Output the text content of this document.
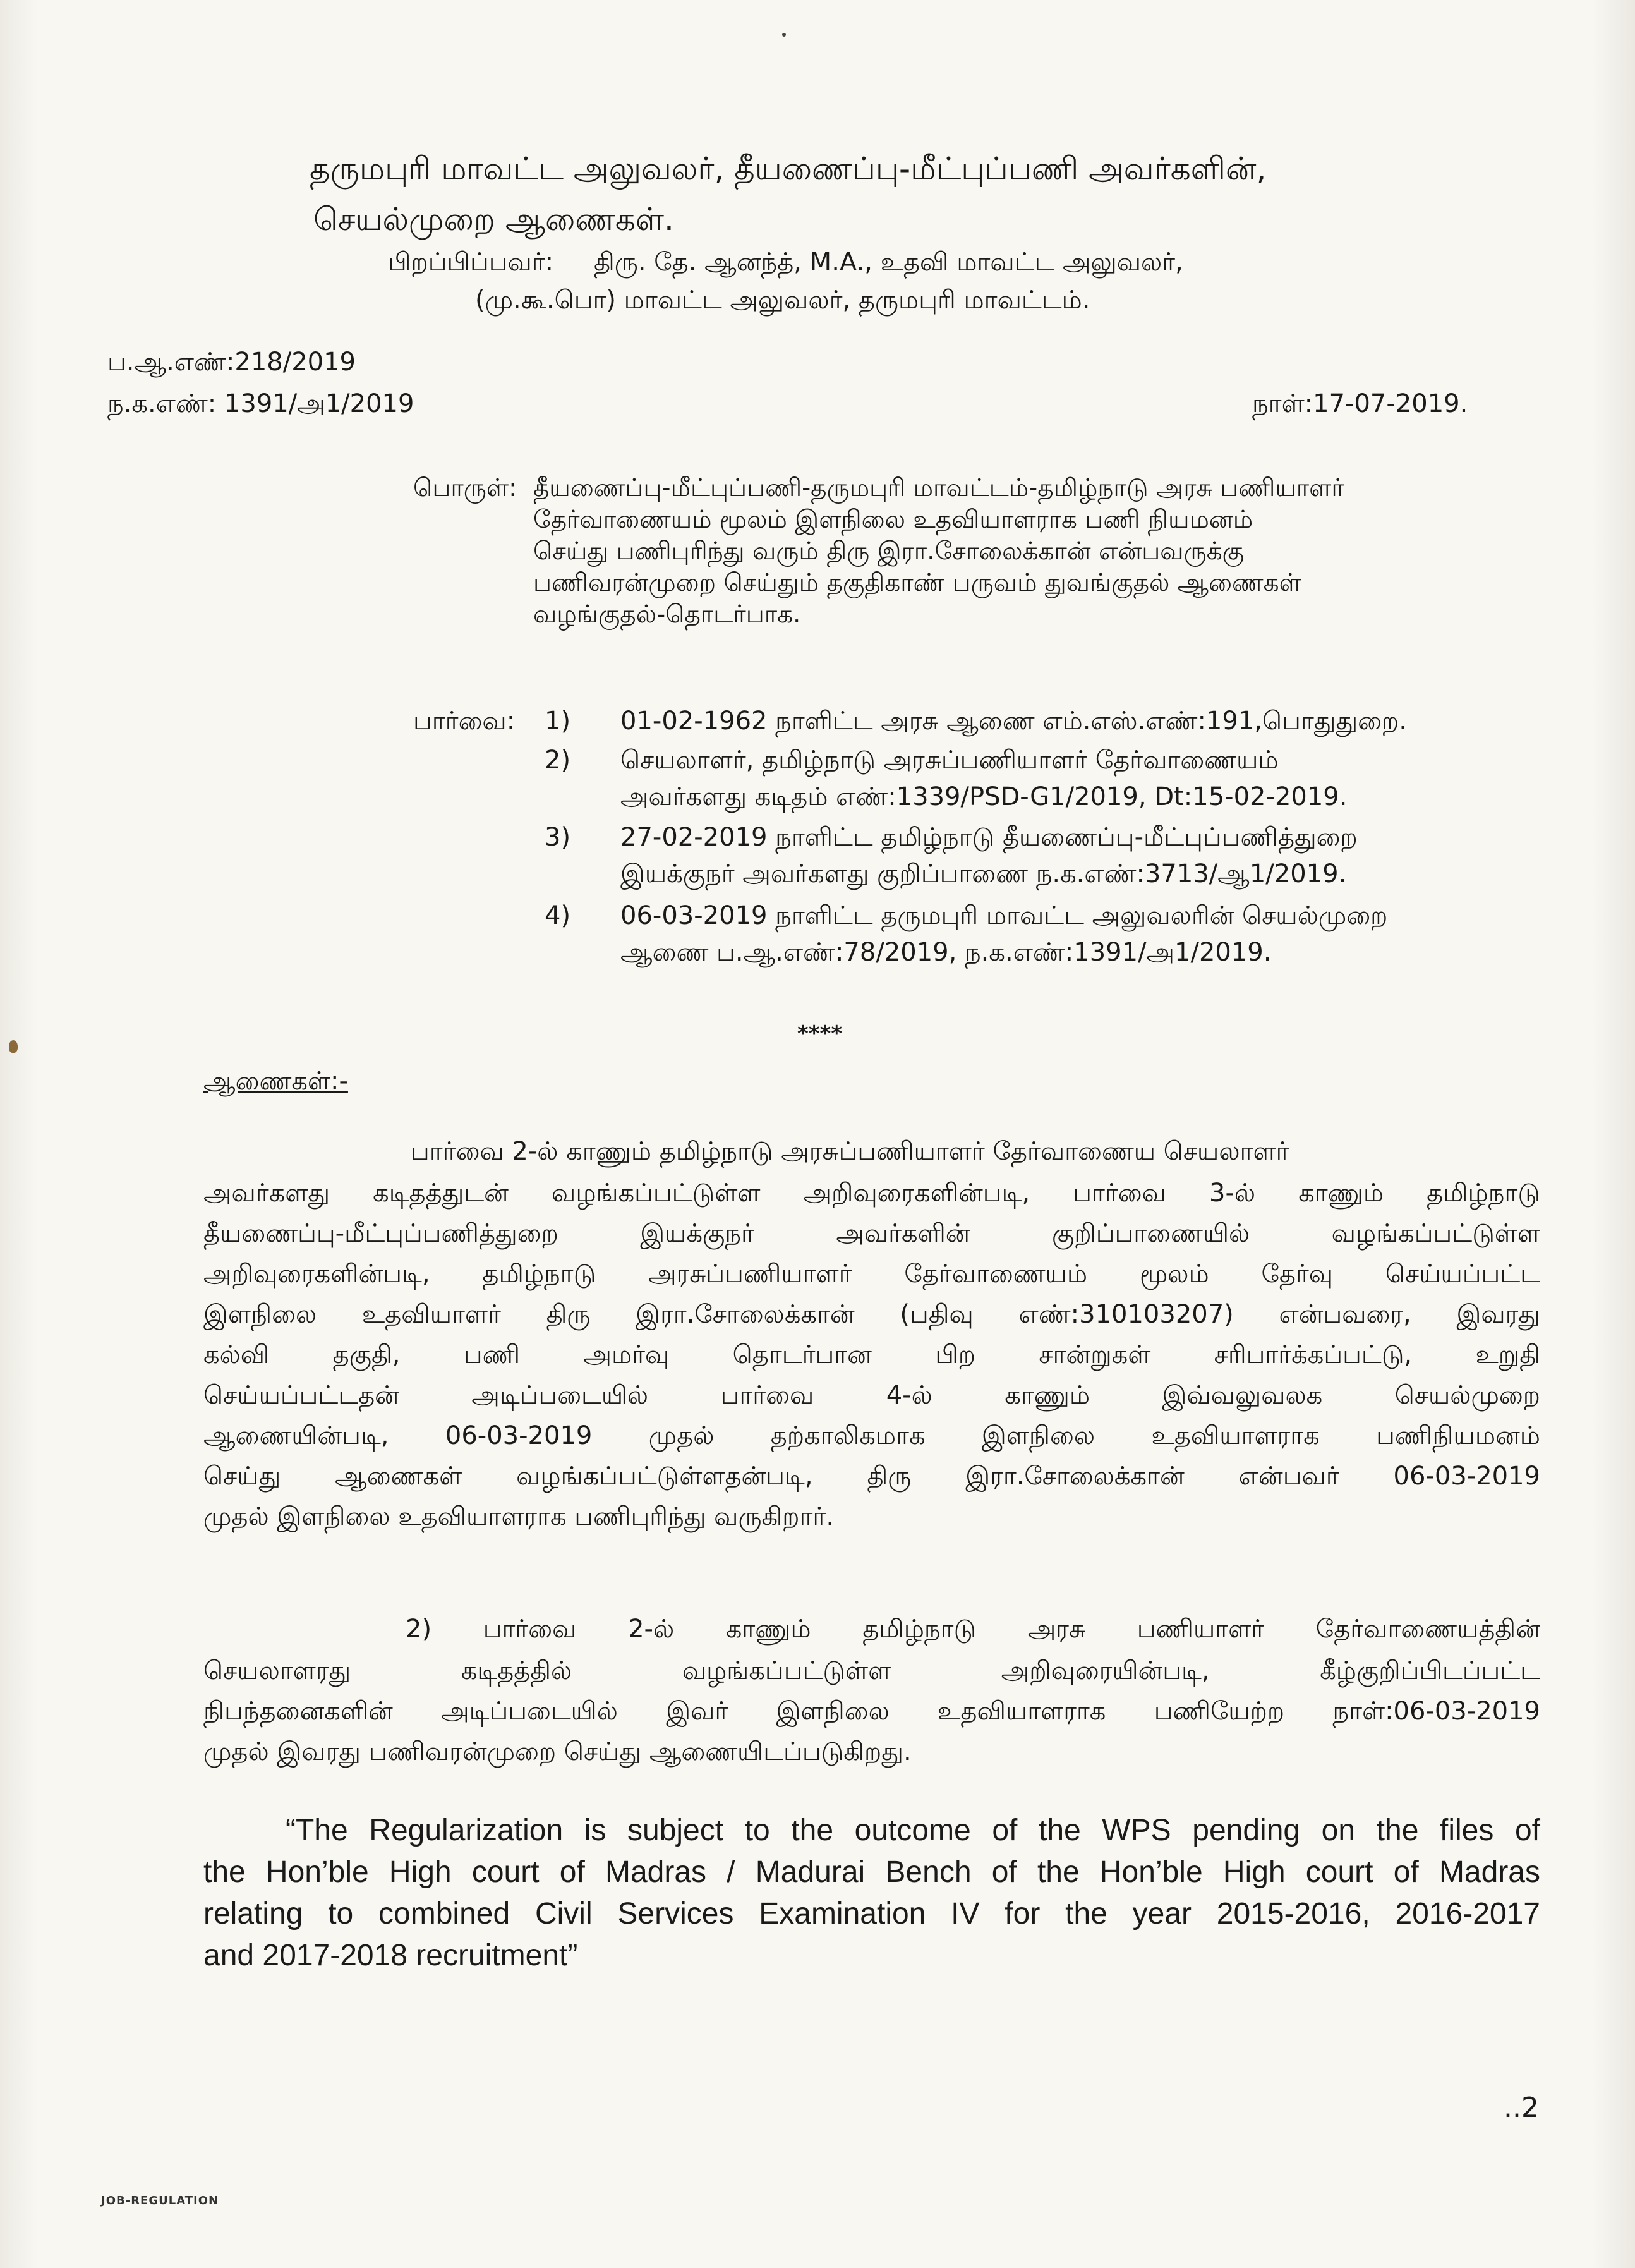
தருமபுரி மாவட்ட அலுவலர், தீயணைப்பு-மீட்புப்பணி அவர்களின்,
செயல்முறை ஆணைகள்.
பிறப்பிப்பவர்: திரு. தே. ஆனந்த், M.A., உதவி மாவட்ட அலுவலர்,
(மு.கூ.பொ) மாவட்ட அலுவலர், தருமபுரி மாவட்டம்.
ப.ஆ.எண்:218/2019
ந.க.எண்: 1391/அ1/2019	நாள்:17-07-2019.
பொருள்: தீயணைப்பு-மீட்புப்பணி-தருமபுரி மாவட்டம்-தமிழ்நாடு அரசு பணியாளர்
தேர்வாணையம் மூலம் இளநிலை உதவியாளராக பணி நியமனம்
செய்து பணிபுரிந்து வரும் திரு இரா.சோலைக்கான் என்பவருக்கு
பணிவரன்முறை செய்தும் தகுதிகாண் பருவம் துவங்குதல் ஆணைகள்
வழங்குதல்-தொடர்பாக.
பார்வை: 1) 01-02-1962 நாளிட்ட அரசு ஆணை எம்.எஸ்.எண்:191,பொதுதுறை.
2) செயலாளர், தமிழ்நாடு அரசுப்பணியாளர் தேர்வாணையம்
அவர்களது கடிதம் எண்:1339/PSD-G1/2019, Dt:15-02-2019.
3) 27-02-2019 நாளிட்ட தமிழ்நாடு தீயணைப்பு-மீட்புப்பணித்துறை
இயக்குநர் அவர்களது குறிப்பாணை ந.க.எண்:3713/ஆ1/2019.
4) 06-03-2019 நாளிட்ட தருமபுரி மாவட்ட அலுவலரின் செயல்முறை
ஆணை ப.ஆ.எண்:78/2019, ந.க.எண்:1391/அ1/2019.
****
ஆணைகள்:-
பார்வை 2-ல் காணும் தமிழ்நாடு அரசுப்பணியாளர் தேர்வாணைய செயலாளர்
அவர்களது கடிதத்துடன் வழங்கப்பட்டுள்ள அறிவுரைகளின்படி, பார்வை 3-ல் காணும் தமிழ்நாடு
தீயணைப்பு-மீட்புப்பணித்துறை இயக்குநர் அவர்களின் குறிப்பாணையில் வழங்கப்பட்டுள்ள
அறிவுரைகளின்படி, தமிழ்நாடு அரசுப்பணியாளர் தேர்வாணையம் மூலம் தேர்வு செய்யப்பட்ட
இளநிலை உதவியாளர் திரு இரா.சோலைக்கான் (பதிவு எண்:310103207) என்பவரை, இவரது
கல்வி தகுதி, பணி அமர்வு தொடர்பான பிற சான்றுகள் சரிபார்க்கப்பட்டு, உறுதி
செய்யப்பட்டதன் அடிப்படையில் பார்வை 4-ல் காணும் இவ்வலுவலக செயல்முறை
ஆணையின்படி, 06-03-2019 முதல் தற்காலிகமாக இளநிலை உதவியாளராக பணிநியமனம்
செய்து ஆணைகள் வழங்கப்பட்டுள்ளதன்படி, திரு இரா.சோலைக்கான் என்பவர் 06-03-2019
முதல் இளநிலை உதவியாளராக பணிபுரிந்து வருகிறார்.
2) பார்வை 2-ல் காணும் தமிழ்நாடு அரசு பணியாளர் தேர்வாணையத்தின்
செயலாளரது கடிதத்தில் வழங்கப்பட்டுள்ள அறிவுரையின்படி, கீழ்குறிப்பிடப்பட்ட
நிபந்தனைகளின் அடிப்படையில் இவர் இளநிலை உதவியாளராக பணியேற்ற நாள்:06-03-2019
முதல் இவரது பணிவரன்முறை செய்து ஆணையிடப்படுகிறது.
“The Regularization is subject to the outcome of the WPS pending on the files of
the Hon’ble High court of Madras / Madurai Bench of the Hon’ble High court of Madras
relating to combined Civil Services Examination IV for the year 2015-2016, 2016-2017
and 2017-2018 recruitment”
..2
JOB-REGULATION
